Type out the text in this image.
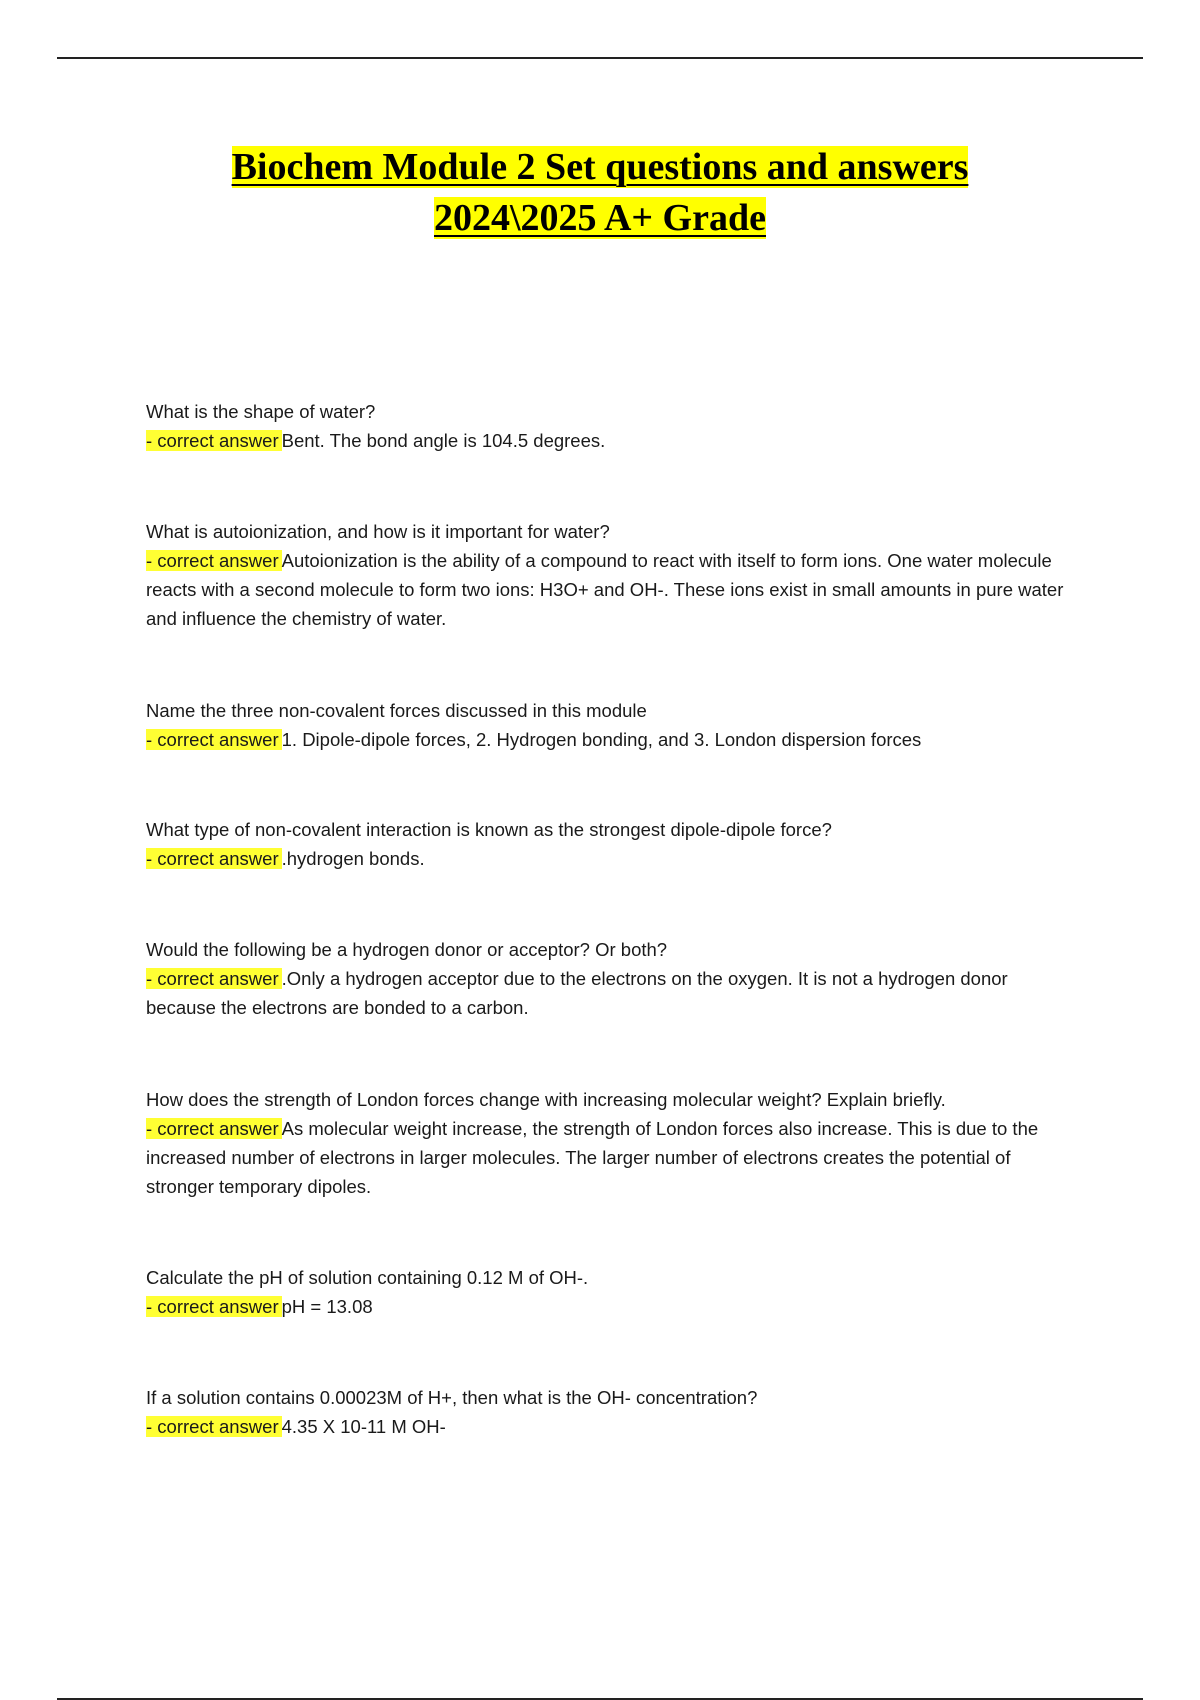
Biochem Module 2 Set questions and answers
2024\2025 A+ Grade

What is the shape of water?

- correct answer Bent. The bond angle is 104.5 degrees.

What is autoionization, and how is it important for water?

- correct answer Autoionization is the ability of a compound to react with itself to form ions. One water molecule reacts with a second molecule to form two ions: H3O+ and OH-. These ions exist in small amounts in pure water and influence the chemistry of water.

Name the three non-covalent forces discussed in this module

- correct answer 1. Dipole-dipole forces, 2. Hydrogen bonding, and 3. London dispersion forces

What type of non-covalent interaction is known as the strongest dipole-dipole force?

- correct answer .hydrogen bonds.

Would the following be a hydrogen donor or acceptor? Or both?

- correct answer .Only a hydrogen acceptor due to the electrons on the oxygen. It is not a hydrogen donor because the electrons are bonded to a carbon.

How does the strength of London forces change with increasing molecular weight? Explain briefly.

- correct answer As molecular weight increase, the strength of London forces also increase. This is due to the increased number of electrons in larger molecules. The larger number of electrons creates the potential of stronger temporary dipoles.

Calculate the pH of solution containing 0.12 M of OH-.

- correct answer pH = 13.08

If a solution contains 0.00023M of H+, then what is the OH- concentration?

- correct answer 4.35 X 10-11 M OH-
